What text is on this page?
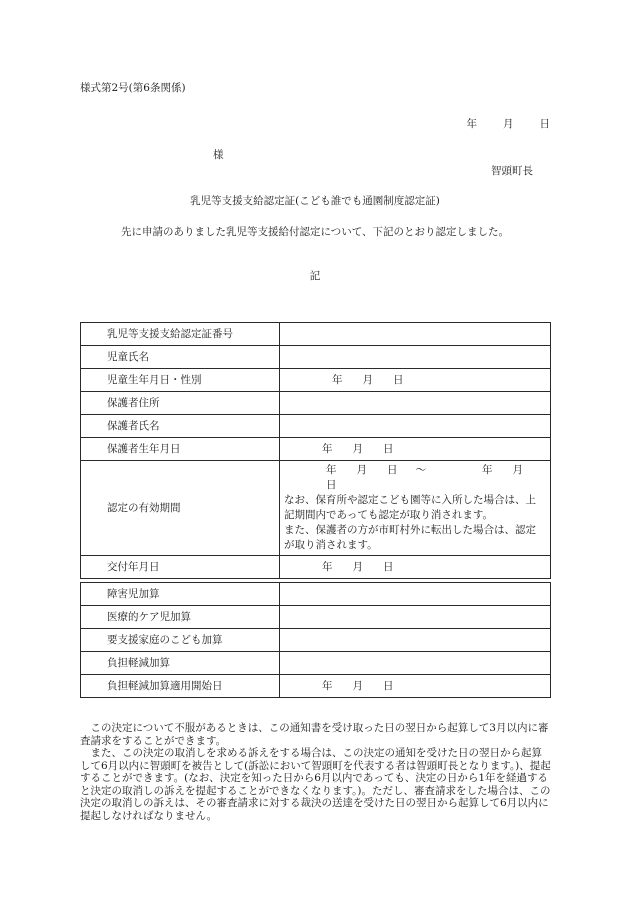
様式第2号(第6条関係)
年 月 日
様
智頭町長
乳児等支援支給認定証(こども誰でも通園制度認定証)
先に申請のありました乳児等支援給付認定について、下記のとおり認定しました。
記
乳児等支援支給認定証番号	
児童氏名	
児童生年月日・性別	年 月 日
保護者住所	
保護者氏名	
保護者生年月日	年 月 日
認定の有効期間	年 月 日 ～ 年 月日
なお、保育所や認定こども園等に入所した場合は、上記期間内であっても認定が取り消されます。
また、保護者の方が市町村外に転出した場合は、認定が取り消されます。

交付年月日	年 月 日
障害児加算	
医療的ケア児加算	
要支援家庭のこども加算	
負担軽減加算	
負担軽減加算適用開始日	年 月 日

この決定について不服があるときは、この通知書を受け取った日の翌日から起算して3月以内に審査請求をすることができます。

また、この決定の取消しを求める訴えをする場合は、この決定の通知を受けた日の翌日から起算して6月以内に智頭町を被告として(訴訟において智頭町を代表する者は智頭町長となります。)、提起することができます。(なお、決定を知った日から6月以内であっても、決定の日から1年を経過すると決定の取消しの訴えを提起することができなくなります。)。ただし、審査請求をした場合は、この決定の取消しの訴えは、その審査請求に対する裁決の送達を受けた日の翌日から起算して6月以内に提起しなければなりません。
